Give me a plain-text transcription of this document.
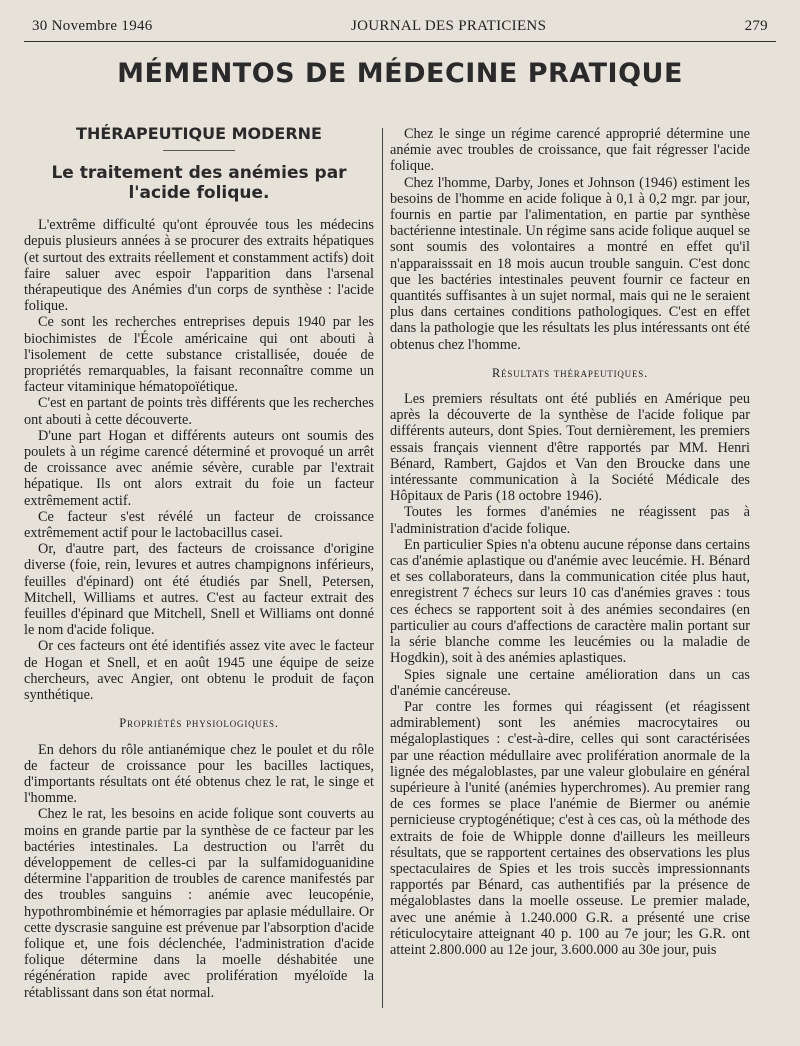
30 Novembre 1946	JOURNAL DES PRATICIENS	279
MÉMENTOS DE MÉDECINE PRATIQUE
THÉRAPEUTIQUE MODERNE
Le traitement des anémies par l'acide folique.

L'extrême difficulté qu'ont éprouvée tous les médecins depuis plusieurs années à se procurer des extraits hépatiques (et surtout des extraits réellement et constamment actifs) doit faire saluer avec espoir l'apparition dans l'arsenal thérapeutique des Anémies d'un corps de synthèse : l'acide folique.

Ce sont les recherches entreprises depuis 1940 par les biochimistes de l'École américaine qui ont abouti à l'isolement de cette substance cristallisée, douée de propriétés remarquables, la faisant reconnaître comme un facteur vitaminique hématopoïétique.

C'est en partant de points très différents que les recherches ont abouti à cette découverte.

D'une part Hogan et différents auteurs ont soumis des poulets à un régime carencé déterminé et provoqué un arrêt de croissance avec anémie sévère, curable par l'extrait hépatique. Ils ont alors extrait du foie un facteur extrêmement actif.

Ce facteur s'est révélé un facteur de croissance extrêmement actif pour le lactobacillus casei.

Or, d'autre part, des facteurs de croissance d'origine diverse (foie, rein, levures et autres champignons inférieurs, feuilles d'épinard) ont été étudiés par Snell, Petersen, Mitchell, Williams et autres. C'est au facteur extrait des feuilles d'épinard que Mitchell, Snell et Williams ont donné le nom d'acide folique.

Or ces facteurs ont été identifiés assez vite avec le facteur de Hogan et Snell, et en août 1945 une équipe de seize chercheurs, avec Angier, ont obtenu le produit de façon synthétique.

Propriétés physiologiques.

En dehors du rôle antianémique chez le poulet et du rôle de facteur de croissance pour les bacilles lactiques, d'importants résultats ont été obtenus chez le rat, le singe et l'homme.

Chez le rat, les besoins en acide folique sont couverts au moins en grande partie par la synthèse de ce facteur par les bactéries intestinales. La destruction ou l'arrêt du développement de celles-ci par la sulfamidoguanidine détermine l'apparition de troubles de carence manifestés par des troubles sanguins : anémie avec leucopénie, hypothrombinémie et hémorragies par aplasie médullaire. Or cette dyscrasie sanguine est prévenue par l'absorption d'acide folique et, une fois déclenchée, l'administration d'acide folique détermine dans la moelle déshabitée une régénération rapide avec prolifération myéloïde la rétablissant dans son état normal.

Chez le singe un régime carencé approprié détermine une anémie avec troubles de croissance, que fait régresser l'acide folique.

Chez l'homme, Darby, Jones et Johnson (1946) estiment les besoins de l'homme en acide folique à 0,1 à 0,2 mgr. par jour, fournis en partie par l'alimentation, en partie par synthèse bactérienne intestinale. Un régime sans acide folique auquel se sont soumis des volontaires a montré en effet qu'il n'apparaisssait en 18 mois aucun trouble sanguin. C'est donc que les bactéries intestinales peuvent fournir ce facteur en quantités suffisantes à un sujet normal, mais qui ne le seraient plus dans certaines conditions pathologiques. C'est en effet dans la pathologie que les résultats les plus intéressants ont été obtenus chez l'homme.

Résultats thérapeutiques.

Les premiers résultats ont été publiés en Amérique peu après la découverte de la synthèse de l'acide folique par différents auteurs, dont Spies. Tout dernièrement, les premiers essais français viennent d'être rapportés par MM. Henri Bénard, Rambert, Gajdos et Van den Broucke dans une intéressante communication à la Société Médicale des Hôpitaux de Paris (18 octobre 1946).

Toutes les formes d'anémies ne réagissent pas à l'administration d'acide folique.

En particulier Spies n'a obtenu aucune réponse dans certains cas d'anémie aplastique ou d'anémie avec leucémie. H. Bénard et ses collaborateurs, dans la communication citée plus haut, enregistrent 7 échecs sur leurs 10 cas d'anémies graves : tous ces échecs se rapportent soit à des anémies secondaires (en particulier au cours d'affections de caractère malin portant sur la série blanche comme les leucémies ou la maladie de Hogdkin), soit à des anémies aplastiques.

Spies signale une certaine amélioration dans un cas d'anémie cancéreuse.

Par contre les formes qui réagissent (et réagissent admirablement) sont les anémies macrocytaires ou mégaloplastiques : c'est-à-dire, celles qui sont caractérisées par une réaction médullaire avec prolifération anormale de la lignée des mégaloblastes, par une valeur globulaire en général supérieure à l'unité (anémies hyperchromes). Au premier rang de ces formes se place l'anémie de Biermer ou anémie pernicieuse cryptogénétique; c'est à ces cas, où la méthode des extraits de foie de Whipple donne d'ailleurs les meilleurs résultats, que se rapportent certaines des observations les plus spectaculaires de Spies et les trois succès impressionnants rapportés par Bénard, cas authentifiés par la présence de mégaloblastes dans la moelle osseuse. Le premier malade, avec une anémie à 1.240.000 G.R. a présenté une crise réticulocytaire atteignant 40 p. 100 au 7e jour; les G.R. ont atteint 2.800.000 au 12e jour, 3.600.000 au 30e jour, puis
